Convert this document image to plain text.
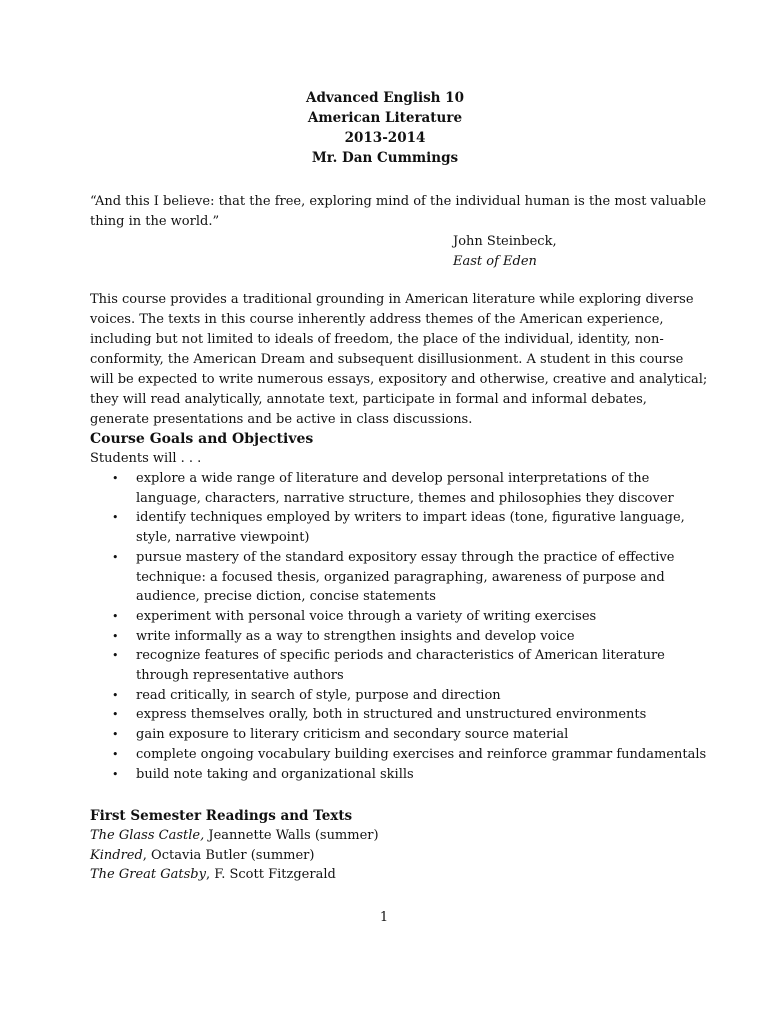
Advanced English 10
American Literature
2013-2014
Mr. Dan Cummings
“And this I believe: that the free, exploring mind of the individual human is the most valuable thing in the world.”
John Steinbeck,
East of Eden
This course provides a traditional grounding in American literature while exploring diverse voices. The texts in this course inherently address themes of the American experience, including but not limited to ideals of freedom, the place of the individual, identity, non-conformity, the American Dream and subsequent disillusionment. A student in this course will be expected to write numerous essays, expository and otherwise, creative and analytical; they will read analytically, annotate text, participate in formal and informal debates, generate presentations and be active in class discussions.
Course Goals and Objectives
Students will . . .
• explore a wide range of literature and develop personal interpretations of the language, characters, narrative structure, themes and philosophies they discover
• identify techniques employed by writers to impart ideas (tone, figurative language, style, narrative viewpoint)
• pursue mastery of the standard expository essay through the practice of effective technique: a focused thesis, organized paragraphing, awareness of purpose and audience, precise diction, concise statements
• experiment with personal voice through a variety of writing exercises
• write informally as a way to strengthen insights and develop voice
• recognize features of specific periods and characteristics of American literature through representative authors
• read critically, in search of style, purpose and direction
• express themselves orally, both in structured and unstructured environments
• gain exposure to literary criticism and secondary source material
• complete ongoing vocabulary building exercises and reinforce grammar fundamentals
• build note taking and organizational skills
First Semester Readings and Texts
The Glass Castle, Jeannette Walls (summer)
Kindred, Octavia Butler (summer)
The Great Gatsby, F. Scott Fitzgerald
1
